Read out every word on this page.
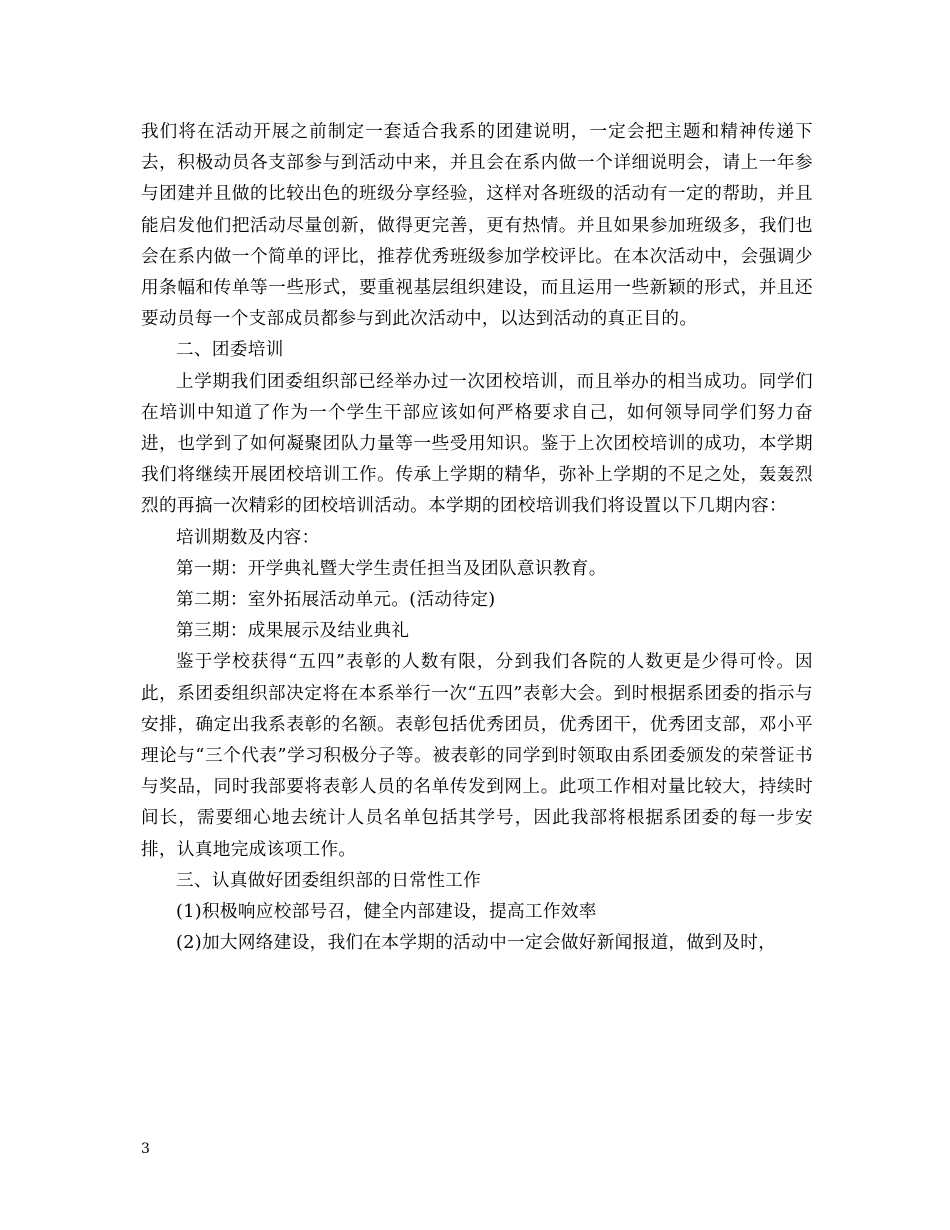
我们将在活动开展之前制定一套适合我系的团建说明，一定会把主题和精神传递下去，积极动员各支部参与到活动中来，并且会在系内做一个详细说明会，请上一年参与团建并且做的比较出色的班级分享经验，这样对各班级的活动有一定的帮助，并且能启发他们把活动尽量创新，做得更完善，更有热情。并且如果参加班级多，我们也会在系内做一个简单的评比，推荐优秀班级参加学校评比。在本次活动中，会强调少用条幅和传单等一些形式，要重视基层组织建设，而且运用一些新颖的形式，并且还要动员每一个支部成员都参与到此次活动中，以达到活动的真正目的。

二、团委培训

上学期我们团委组织部已经举办过一次团校培训，而且举办的相当成功。同学们在培训中知道了作为一个学生干部应该如何严格要求自己，如何领导同学们努力奋进，也学到了如何凝聚团队力量等一些受用知识。鉴于上次团校培训的成功，本学期我们将继续开展团校培训工作。传承上学期的精华，弥补上学期的不足之处，轰轰烈烈的再搞一次精彩的团校培训活动。本学期的团校培训我们将设置以下几期内容：

培训期数及内容：

第一期：开学典礼暨大学生责任担当及团队意识教育。

第二期：室外拓展活动单元。(活动待定)

第三期：成果展示及结业典礼

鉴于学校获得“五四”表彰的人数有限，分到我们各院的人数更是少得可怜。因此，系团委组织部决定将在本系举行一次“五四”表彰大会。到时根据系团委的指示与安排，确定出我系表彰的名额。表彰包括优秀团员，优秀团干，优秀团支部，邓小平理论与“三个代表”学习积极分子等。被表彰的同学到时领取由系团委颁发的荣誉证书与奖品，同时我部要将表彰人员的名单传发到网上。此项工作相对量比较大，持续时间长，需要细心地去统计人员名单包括其学号，因此我部将根据系团委的每一步安排，认真地完成该项工作。

三、认真做好团委组织部的日常性工作

(1)积极响应校部号召，健全内部建设，提高工作效率

(2)加大网络建设，我们在本学期的活动中一定会做好新闻报道，做到及时，

3
